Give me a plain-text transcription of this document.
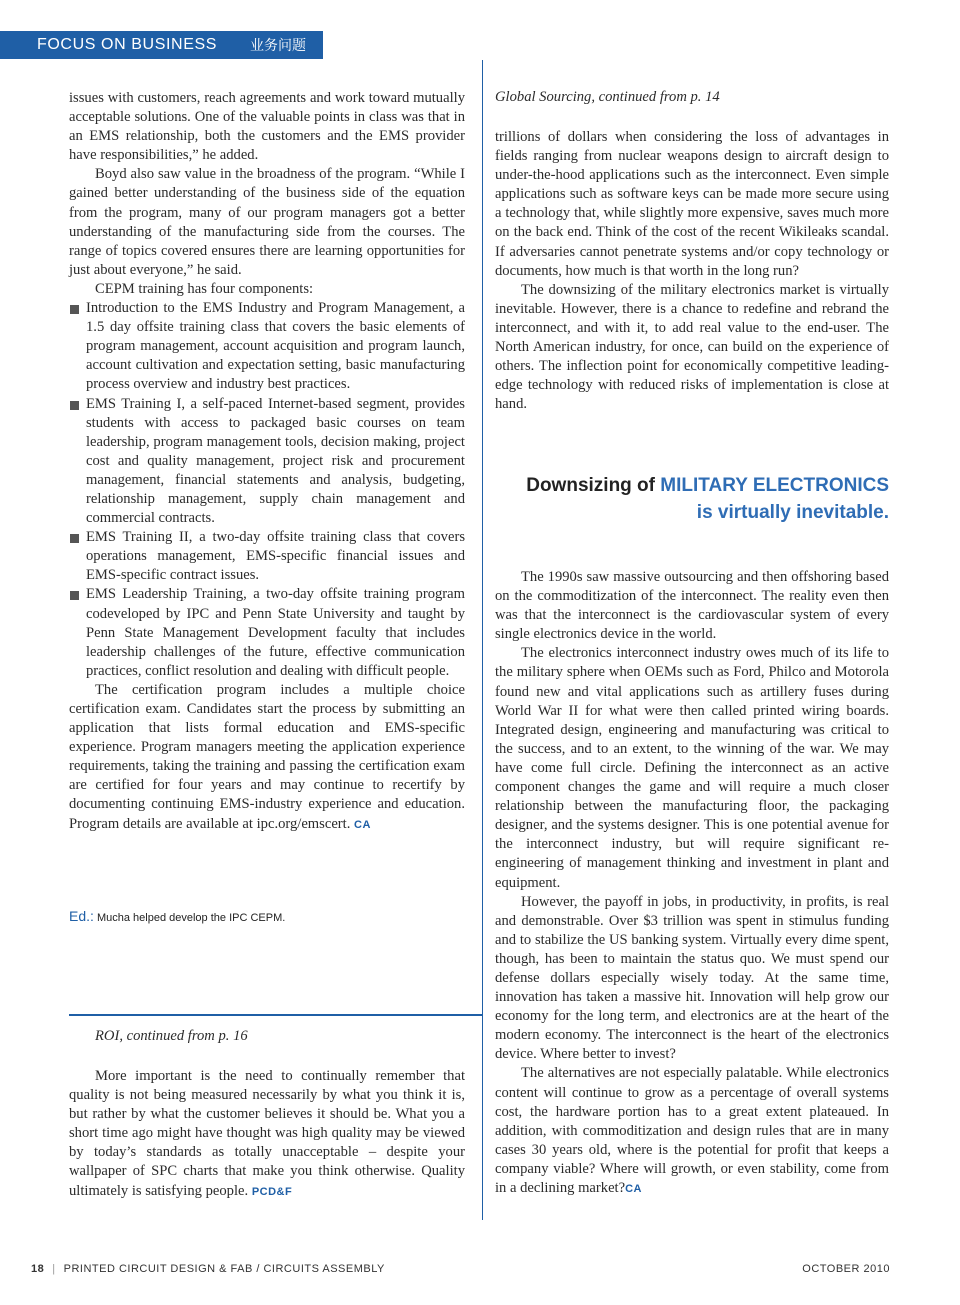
FOCUS ON BUSINESS 业务问题

issues with customers, reach agreements and work toward mutually acceptable solutions. One of the valuable points in class was that in an EMS relationship, both the customers and the EMS provider have responsibilities,” he added.

Boyd also saw value in the broadness of the program. “While I gained better understanding of the business side of the equation from the program, many of our program managers got a better understanding of the manufacturing side from the courses. The range of topics covered ensures there are learning opportunities for just about everyone,” he said.

CEPM training has four components:

Introduction to the EMS Industry and Program Management, a 1.5 day offsite training class that covers the basic elements of program management, account acquisition and program launch, account cultivation and expectation setting, basic manufacturing process overview and industry best practices.
EMS Training I, a self-paced Internet-based segment, provides students with access to packaged basic courses on team leadership, program management tools, decision making, project cost and quality management, project risk and procurement management, financial statements and analysis, budgeting, relationship management, supply chain management and commercial contracts.
EMS Training II, a two-day offsite training class that covers operations management, EMS-specific financial issues and EMS-specific contract issues.
EMS Leadership Training, a two-day offsite training program codeveloped by IPC and Penn State University and taught by Penn State Management Development faculty that includes leadership challenges of the future, effective communication practices, conflict resolution and dealing with difficult people.

The certification program includes a multiple choice certification exam. Candidates start the process by submitting an application that lists formal education and EMS-specific experience. Program managers meeting the application experience requirements, taking the training and passing the certification exam are certified for four years and may continue to recertify by documenting continuing EMS-industry experience and education. Program details are available at ipc.org/emscert. CA

Ed.: Mucha helped develop the IPC CEPM.
ROI, continued from p. 16

More important is the need to continually remember that quality is not being measured necessarily by what you think it is, but rather by what the customer believes it should be. What you a short time ago might have thought was high quality may be viewed by today’s standards as totally unacceptable – despite your wallpaper of SPC charts that make you think otherwise. Quality ultimately is satisfying people. PCD&F

Global Sourcing, continued from p. 14

trillions of dollars when considering the loss of advantages in fields ranging from nuclear weapons design to aircraft design to under-the-hood applications such as the interconnect. Even simple applications such as software keys can be made more secure using a technology that, while slightly more expensive, saves much more on the back end. Think of the cost of the recent Wikileaks scandal. If adversaries cannot penetrate systems and/or copy technology or documents, how much is that worth in the long run?

The downsizing of the military electronics market is virtually inevitable. However, there is a chance to redefine and rebrand the interconnect, and with it, to add real value to the end-user. The North American industry, for once, can build on the experience of others. The inflection point for economically competitive leading-edge technology with reduced risks of implementation is close at hand.

Downsizing of MILITARY ELECTRONICS
is virtually inevitable.

The 1990s saw massive outsourcing and then offshoring based on the commoditization of the interconnect. The reality even then was that the interconnect is the cardiovascular system of every single electronics device in the world.

The electronics interconnect industry owes much of its life to the military sphere when OEMs such as Ford, Philco and Motorola found new and vital applications such as artillery fuses during World War II for what were then called printed wiring boards. Integrated design, engineering and manufacturing was critical to the success, and to an extent, to the winning of the war. We may have come full circle. Defining the interconnect as an active component changes the game and will require a much closer relationship between the manufacturing floor, the packaging designer, and the systems designer. This is one potential avenue for the interconnect industry, but will require significant re-engineering of management thinking and investment in plant and equipment.

However, the payoff in jobs, in productivity, in profits, is real and demonstrable. Over $3 trillion was spent in stimulus funding and to stabilize the US banking system. Virtually every dime spent, though, has been to maintain the status quo. We must spend our defense dollars especially wisely today. At the same time, innovation has taken a massive hit. Innovation will help grow our economy for the long term, and electronics are at the heart of the modern economy. The interconnect is the heart of the electronics device. Where better to invest?

The alternatives are not especially palatable. While electronics content will continue to grow as a percentage of overall systems cost, the hardware portion has to a great extent plateaued. In addition, with commoditization and design rules that are in many cases 30 years old, where is the potential for profit that keeps a company viable? Where will growth, or even stability, come from in a declining market?CA

18 | PRINTED CIRCUIT DESIGN & FAB / CIRCUITS ASSEMBLY	OCTOBER 2010
